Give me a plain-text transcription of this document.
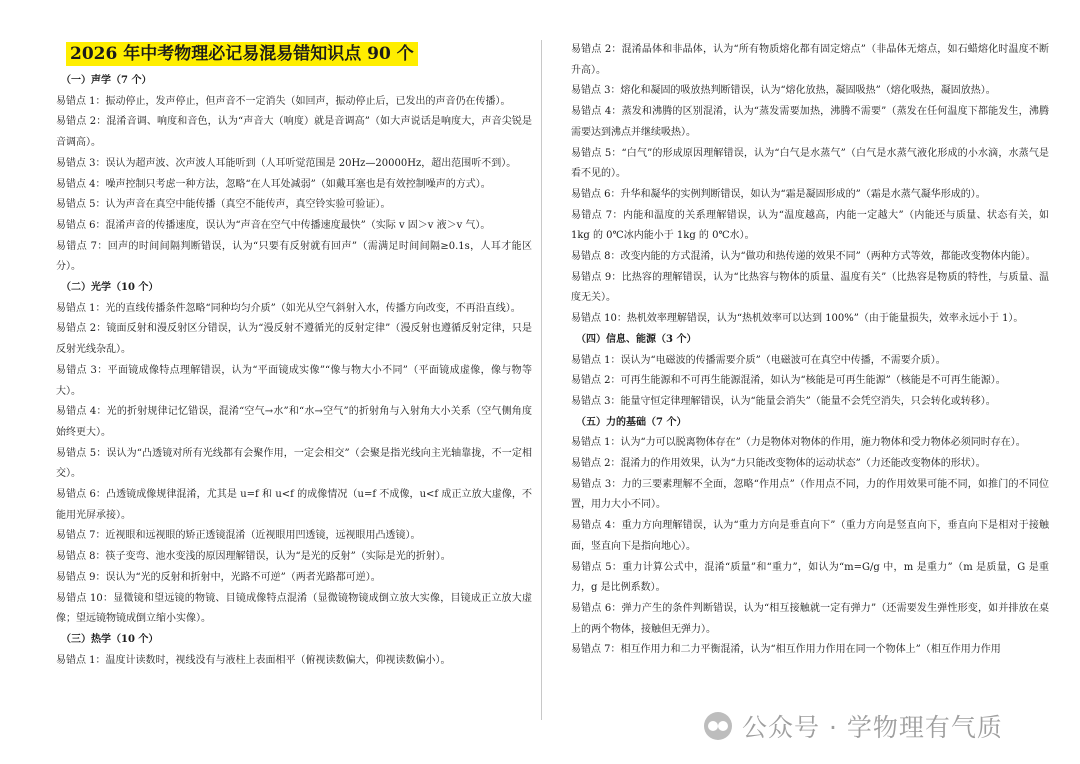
2026 年中考物理必记易混易错知识点 90 个
（一）声学（7 个）
易错点 1：振动停止，发声停止，但声音不一定消失（如回声，振动停止后，已发出的声音仍在传播）。
易错点 2：混淆音调、响度和音色，认为“声音大（响度）就是音调高”（如大声说话是响度大，声音尖锐是音调高）。
易错点 3：误认为超声波、次声波人耳能听到（人耳听觉范围是 20Hz—20000Hz，超出范围听不到）。
易错点 4：噪声控制只考虑一种方法，忽略“在人耳处减弱”（如戴耳塞也是有效控制噪声的方式）。
易错点 5：认为声音在真空中能传播（真空不能传声，真空铃实验可验证）。
易错点 6：混淆声音的传播速度，误认为“声音在空气中传播速度最快”（实际 v 固＞v 液＞v 气）。
易错点 7：回声的时间间隔判断错误，认为“只要有反射就有回声”（需满足时间间隔≥0.1s，人耳才能区分）。
（二）光学（10 个）
易错点 1：光的直线传播条件忽略“同种均匀介质”（如光从空气斜射入水，传播方向改变，不再沿直线）。
易错点 2：镜面反射和漫反射区分错误，认为“漫反射不遵循光的反射定律”（漫反射也遵循反射定律，只是反射光线杂乱）。
易错点 3：平面镜成像特点理解错误，认为“平面镜成实像”“像与物大小不同”（平面镜成虚像，像与物等大）。
易错点 4：光的折射规律记忆错误，混淆“空气→水”和“水→空气”的折射角与入射角大小关系（空气侧角度始终更大）。
易错点 5：误认为“凸透镜对所有光线都有会聚作用，一定会相交”（会聚是指光线向主光轴靠拢，不一定相交）。
易错点 6：凸透镜成像规律混淆，尤其是 u=f 和 u<f 的成像情况（u=f 不成像，u<f 成正立放大虚像，不能用光屏承接）。
易错点 7：近视眼和远视眼的矫正透镜混淆（近视眼用凹透镜，远视眼用凸透镜）。
易错点 8：筷子变弯、池水变浅的原因理解错误，认为“是光的反射”（实际是光的折射）。
易错点 9：误认为“光的反射和折射中，光路不可逆”（两者光路都可逆）。
易错点 10：显微镜和望远镜的物镜、目镜成像特点混淆（显微镜物镜成倒立放大实像，目镜成正立放大虚像；望远镜物镜成倒立缩小实像）。
（三）热学（10 个）
易错点 1：温度计读数时，视线没有与液柱上表面相平（俯视读数偏大，仰视读数偏小）。
易错点 2：混淆晶体和非晶体，认为“所有物质熔化都有固定熔点”（非晶体无熔点，如石蜡熔化时温度不断升高）。
易错点 3：熔化和凝固的吸放热判断错误，认为“熔化放热，凝固吸热”（熔化吸热，凝固放热）。
易错点 4：蒸发和沸腾的区别混淆，认为“蒸发需要加热，沸腾不需要”（蒸发在任何温度下都能发生，沸腾需要达到沸点并继续吸热）。
易错点 5：“白气”的形成原因理解错误，认为“白气是水蒸气”（白气是水蒸气液化形成的小水滴，水蒸气是看不见的）。
易错点 6：升华和凝华的实例判断错误，如认为“霜是凝固形成的”（霜是水蒸气凝华形成的）。
易错点 7：内能和温度的关系理解错误，认为“温度越高，内能一定越大”（内能还与质量、状态有关，如 1kg 的 0℃冰内能小于 1kg 的 0℃水）。
易错点 8：改变内能的方式混淆，认为“做功和热传递的效果不同”（两种方式等效，都能改变物体内能）。
易错点 9：比热容的理解错误，认为“比热容与物体的质量、温度有关”（比热容是物质的特性，与质量、温度无关）。
易错点 10：热机效率理解错误，认为“热机效率可以达到 100%”（由于能量损失，效率永远小于 1）。
（四）信息、能源（3 个）
易错点 1：误认为“电磁波的传播需要介质”（电磁波可在真空中传播，不需要介质）。
易错点 2：可再生能源和不可再生能源混淆，如认为“核能是可再生能源”（核能是不可再生能源）。
易错点 3：能量守恒定律理解错误，认为“能量会消失”（能量不会凭空消失，只会转化或转移）。
（五）力的基础（7 个）
易错点 1：认为“力可以脱离物体存在”（力是物体对物体的作用，施力物体和受力物体必须同时存在）。
易错点 2：混淆力的作用效果，认为“力只能改变物体的运动状态”（力还能改变物体的形状）。
易错点 3：力的三要素理解不全面，忽略“作用点”（作用点不同，力的作用效果可能不同，如推门的不同位置，用力大小不同）。
易错点 4：重力方向理解错误，认为“重力方向是垂直向下”（重力方向是竖直向下，垂直向下是相对于接触面，竖直向下是指向地心）。
易错点 5：重力计算公式中，混淆“质量”和“重力”，如认为“m=G/g 中，m 是重力”（m 是质量，G 是重力，g 是比例系数）。
易错点 6：弹力产生的条件判断错误，认为“相互接触就一定有弹力”（还需要发生弹性形变，如并排放在桌上的两个物体，接触但无弹力）。
易错点 7：相互作用力和二力平衡混淆，认为“相互作用力作用在同一个物体上”（相互作用力作用
公众号 · 学物理有气质
